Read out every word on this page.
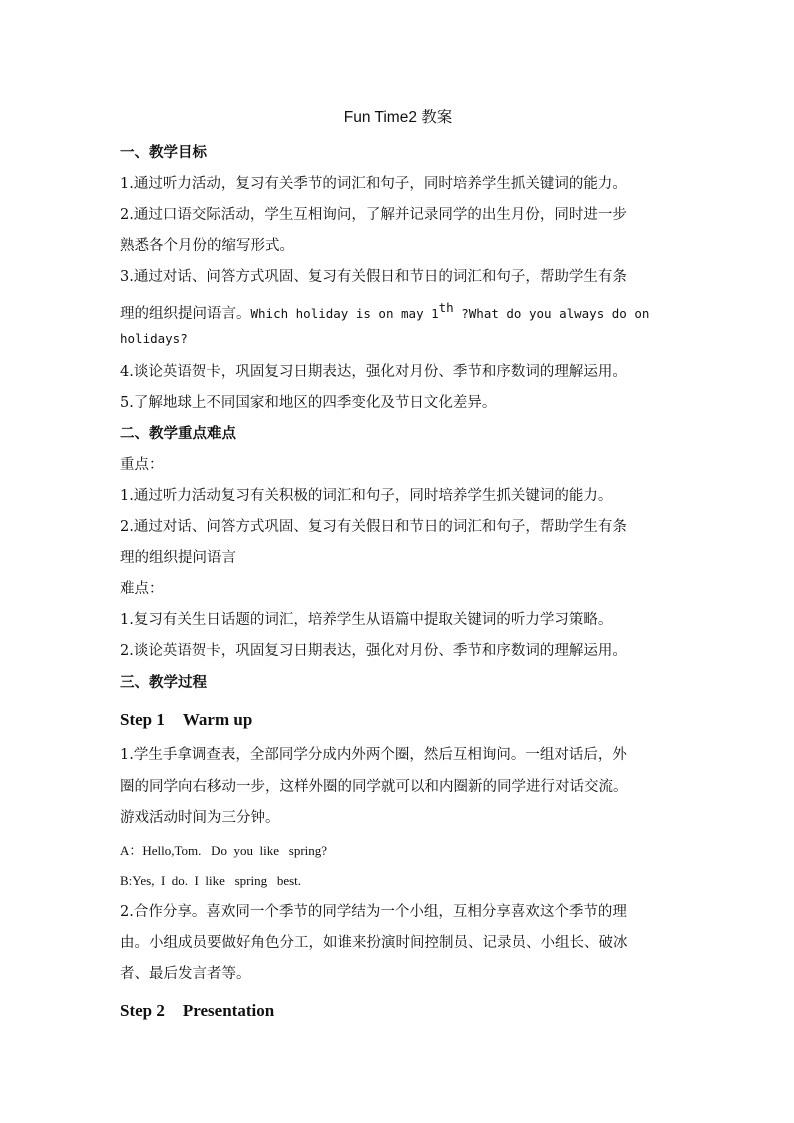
Fun Time2 教案
一、教学目标
1.通过听力活动，复习有关季节的词汇和句子，同时培养学生抓关键词的能力。
2.通过口语交际活动，学生互相询问，了解并记录同学的出生月份，同时进一步
熟悉各个月份的缩写形式。
3.通过对话、问答方式巩固、复习有关假日和节日的词汇和句子，帮助学生有条
理的组织提问语言。Which holiday is on may 1th ?What do you always do on
holidays?
4.谈论英语贺卡，巩固复习日期表达，强化对月份、季节和序数词的理解运用。
5.了解地球上不同国家和地区的四季变化及节日文化差异。
二、教学重点难点
重点：
1.通过听力活动复习有关积极的词汇和句子，同时培养学生抓关键词的能力。
2.通过对话、问答方式巩固、复习有关假日和节日的词汇和句子，帮助学生有条
理的组织提问语言
难点：
1.复习有关生日话题的词汇，培养学生从语篇中提取关键词的听力学习策略。
2.谈论英语贺卡，巩固复习日期表达，强化对月份、季节和序数词的理解运用。
三、教学过程
Step 1 Warm up
1.学生手拿调查表，全部同学分成内外两个圈，然后互相询问。一组对话后，外
圈的同学向右移动一步，这样外圈的同学就可以和内圈新的同学进行对话交流。
游戏活动时间为三分钟。
A：Hello,Tom.   Do  you  like   spring?
B:Yes,  I  do.  I  like   spring   best.
2.合作分享。喜欢同一个季节的同学结为一个小组，互相分享喜欢这个季节的理
由。小组成员要做好角色分工，如谁来扮演时间控制员、记录员、小组长、破冰
者、最后发言者等。
Step 2 Presentation
